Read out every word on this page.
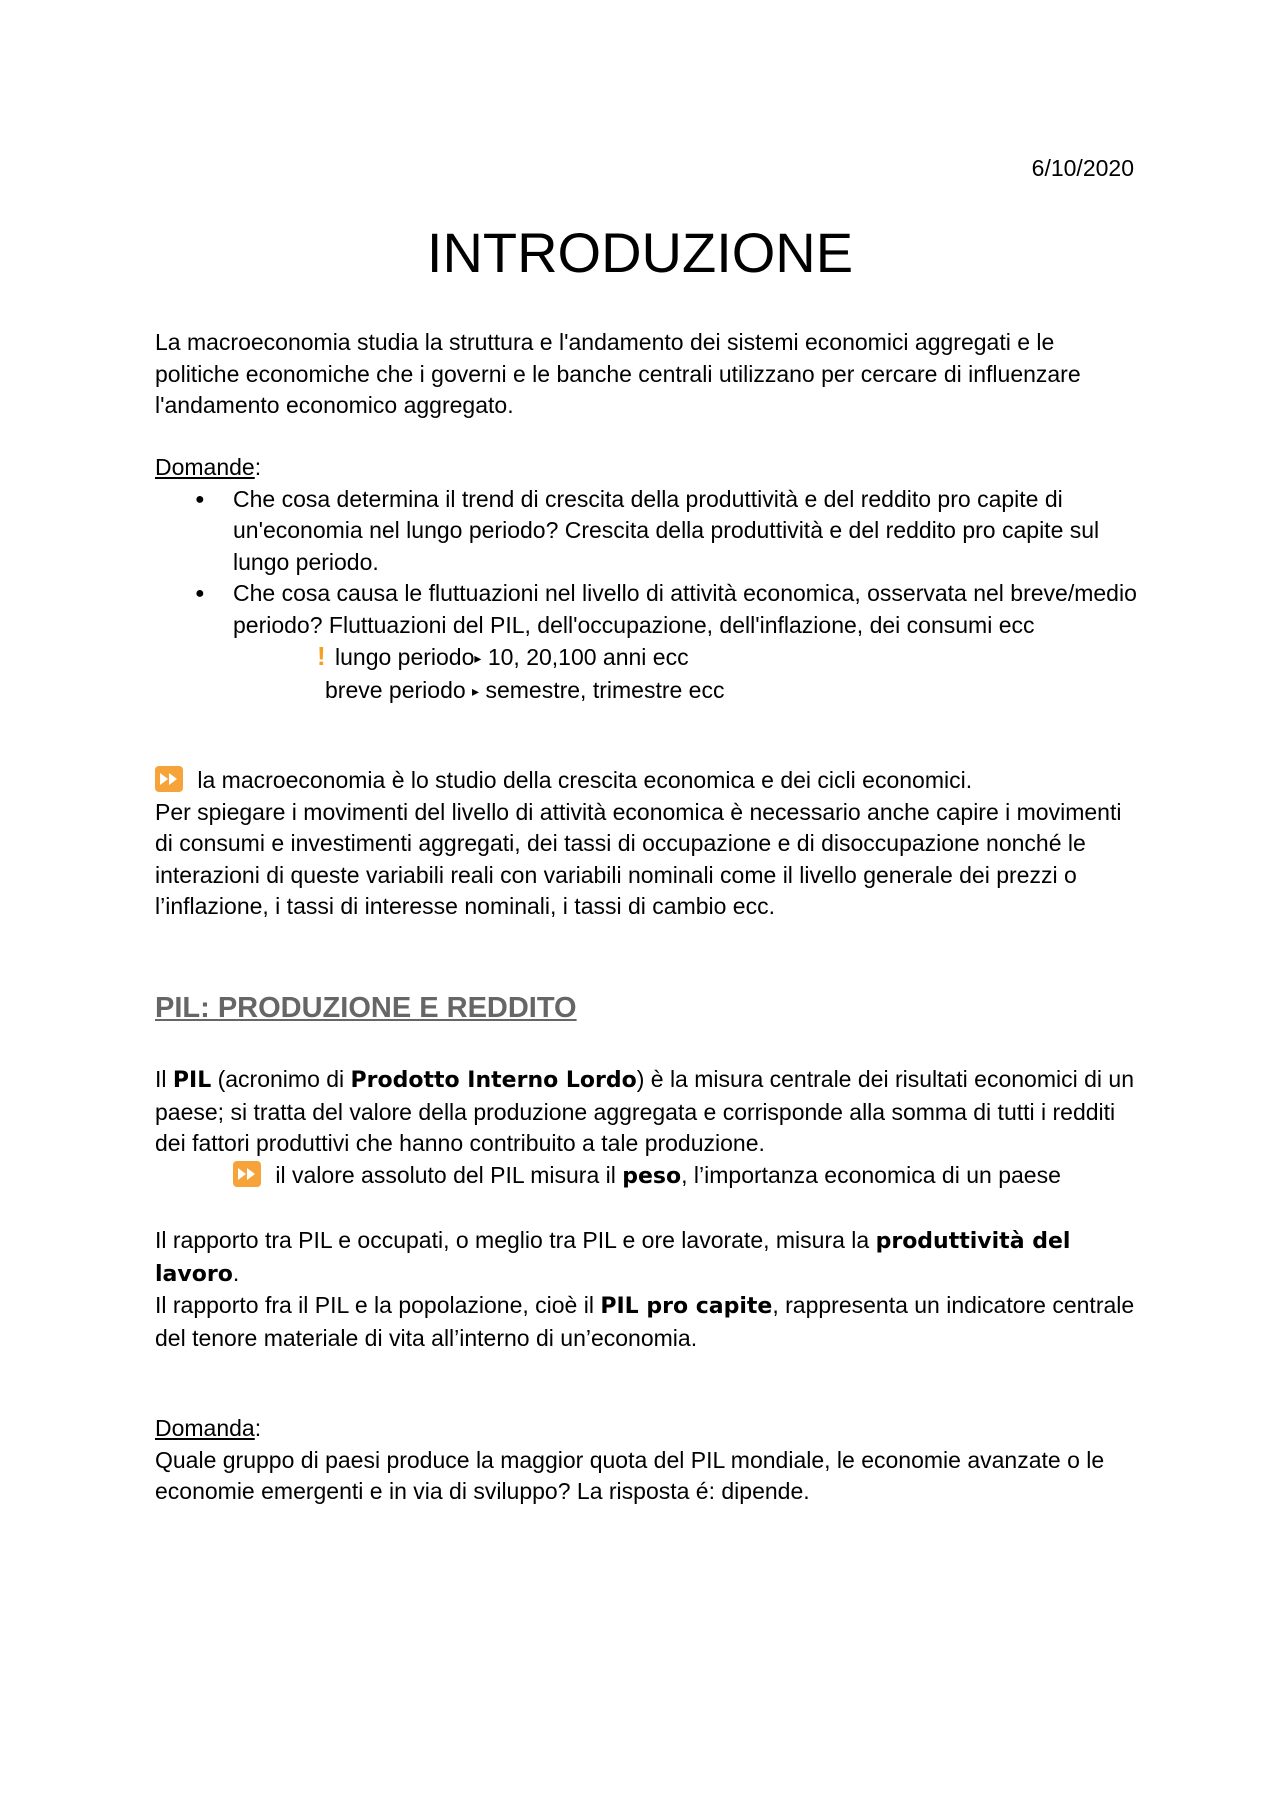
6/10/2020
INTRODUZIONE

La macroeconomia studia la struttura e l'andamento dei sistemi economici aggregati e le politiche economiche che i governi e le banche centrali utilizzano per cercare di influenzare l'andamento economico aggregato.

Domande:

● Che cosa determina il trend di crescita della produttività e del reddito pro capite di un'economia nel lungo periodo? Crescita della produttività e del reddito pro capite sul lungo periodo.
● Che cosa causa le fluttuazioni nel livello di attività economica, osservata nel breve/medio periodo? Fluttuazioni del PIL, dell'occupazione, dell'inflazione, dei consumi ecc

! lungo periodo▸ 10, 20,100 anni ecc

breve periodo ▸ semestre, trimestre ecc

la macroeconomia è lo studio della crescita economica e dei cicli economici.

Per spiegare i movimenti del livello di attività economica è necessario anche capire i movimenti di consumi e investimenti aggregati, dei tassi di occupazione e di disoccupazione nonché le interazioni di queste variabili reali con variabili nominali come il livello generale dei prezzi o l’inflazione, i tassi di interesse nominali, i tassi di cambio ecc.

PIL: PRODUZIONE E REDDITO

Il PIL (acronimo di Prodotto Interno Lordo) è la misura centrale dei risultati economici di un paese; si tratta del valore della produzione aggregata e corrisponde alla somma di tutti i redditi dei fattori produttivi che hanno contribuito a tale produzione.

il valore assoluto del PIL misura il peso, l’importanza economica di un paese

Il rapporto tra PIL e occupati, o meglio tra PIL e ore lavorate, misura la produttività del lavoro.

Il rapporto fra il PIL e la popolazione, cioè il PIL pro capite, rappresenta un indicatore centrale del tenore materiale di vita all’interno di un’economia.

Domanda:

Quale gruppo di paesi produce la maggior quota del PIL mondiale, le economie avanzate o le economie emergenti e in via di sviluppo? La risposta é: dipende.
